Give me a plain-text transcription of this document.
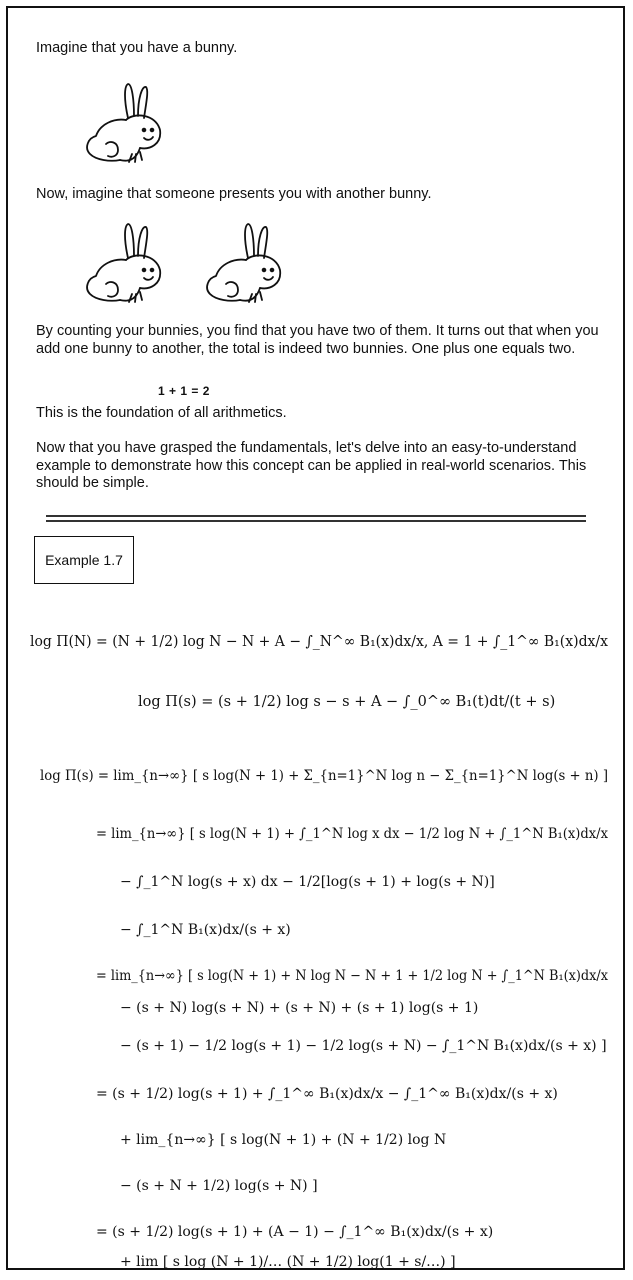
Imagine that you have a bunny.
Now, imagine that someone presents you with another bunny.
By counting your bunnies, you find that you have two of them. It turns out that when you add one bunny to another, the total is indeed two bunnies. One plus one equals two.
1 + 1 = 2
This is the foundation of all arithmetics.
Now that you have grasped the fundamentals, let's delve into an easy-to-understand example to demonstrate how this concept can be applied in real-world scenarios. This should be simple.
Example 1.7
log Π(N) = (N + 1/2) log N − N + A − ∫_N^∞ B₁(x)dx/x, A = 1 + ∫_1^∞ B₁(x)dx/x
log Π(s) = (s + 1/2) log s − s + A − ∫_0^∞ B₁(t)dt/(t + s)
log Π(s) = lim_{n→∞} [ s log(N + 1) + Σ_{n=1}^N log n − Σ_{n=1}^N log(s + n) ]
= lim_{n→∞} [ s log(N + 1) + ∫_1^N log x dx − 1/2 log N + ∫_1^N B₁(x)dx/x
− ∫_1^N log(s + x) dx − 1/2[log(s + 1) + log(s + N)]
− ∫_1^N B₁(x)dx/(s + x)
= lim_{n→∞} [ s log(N + 1) + N log N − N + 1 + 1/2 log N + ∫_1^N B₁(x)dx/x
− (s + N) log(s + N) + (s + N) + (s + 1) log(s + 1)
− (s + 1) − 1/2 log(s + 1) − 1/2 log(s + N) − ∫_1^N B₁(x)dx/(s + x) ]
= (s + 1/2) log(s + 1) + ∫_1^∞ B₁(x)dx/x − ∫_1^∞ B₁(x)dx/(s + x)
+ lim_{n→∞} [ s log(N + 1) + (N + 1/2) log N
− (s + N + 1/2) log(s + N) ]
= (s + 1/2) log(s + 1) + (A − 1) − ∫_1^∞ B₁(x)dx/(s + x)
+ lim [ s log (N + 1)/… (N + 1/2) log(1 + s/…) ]
